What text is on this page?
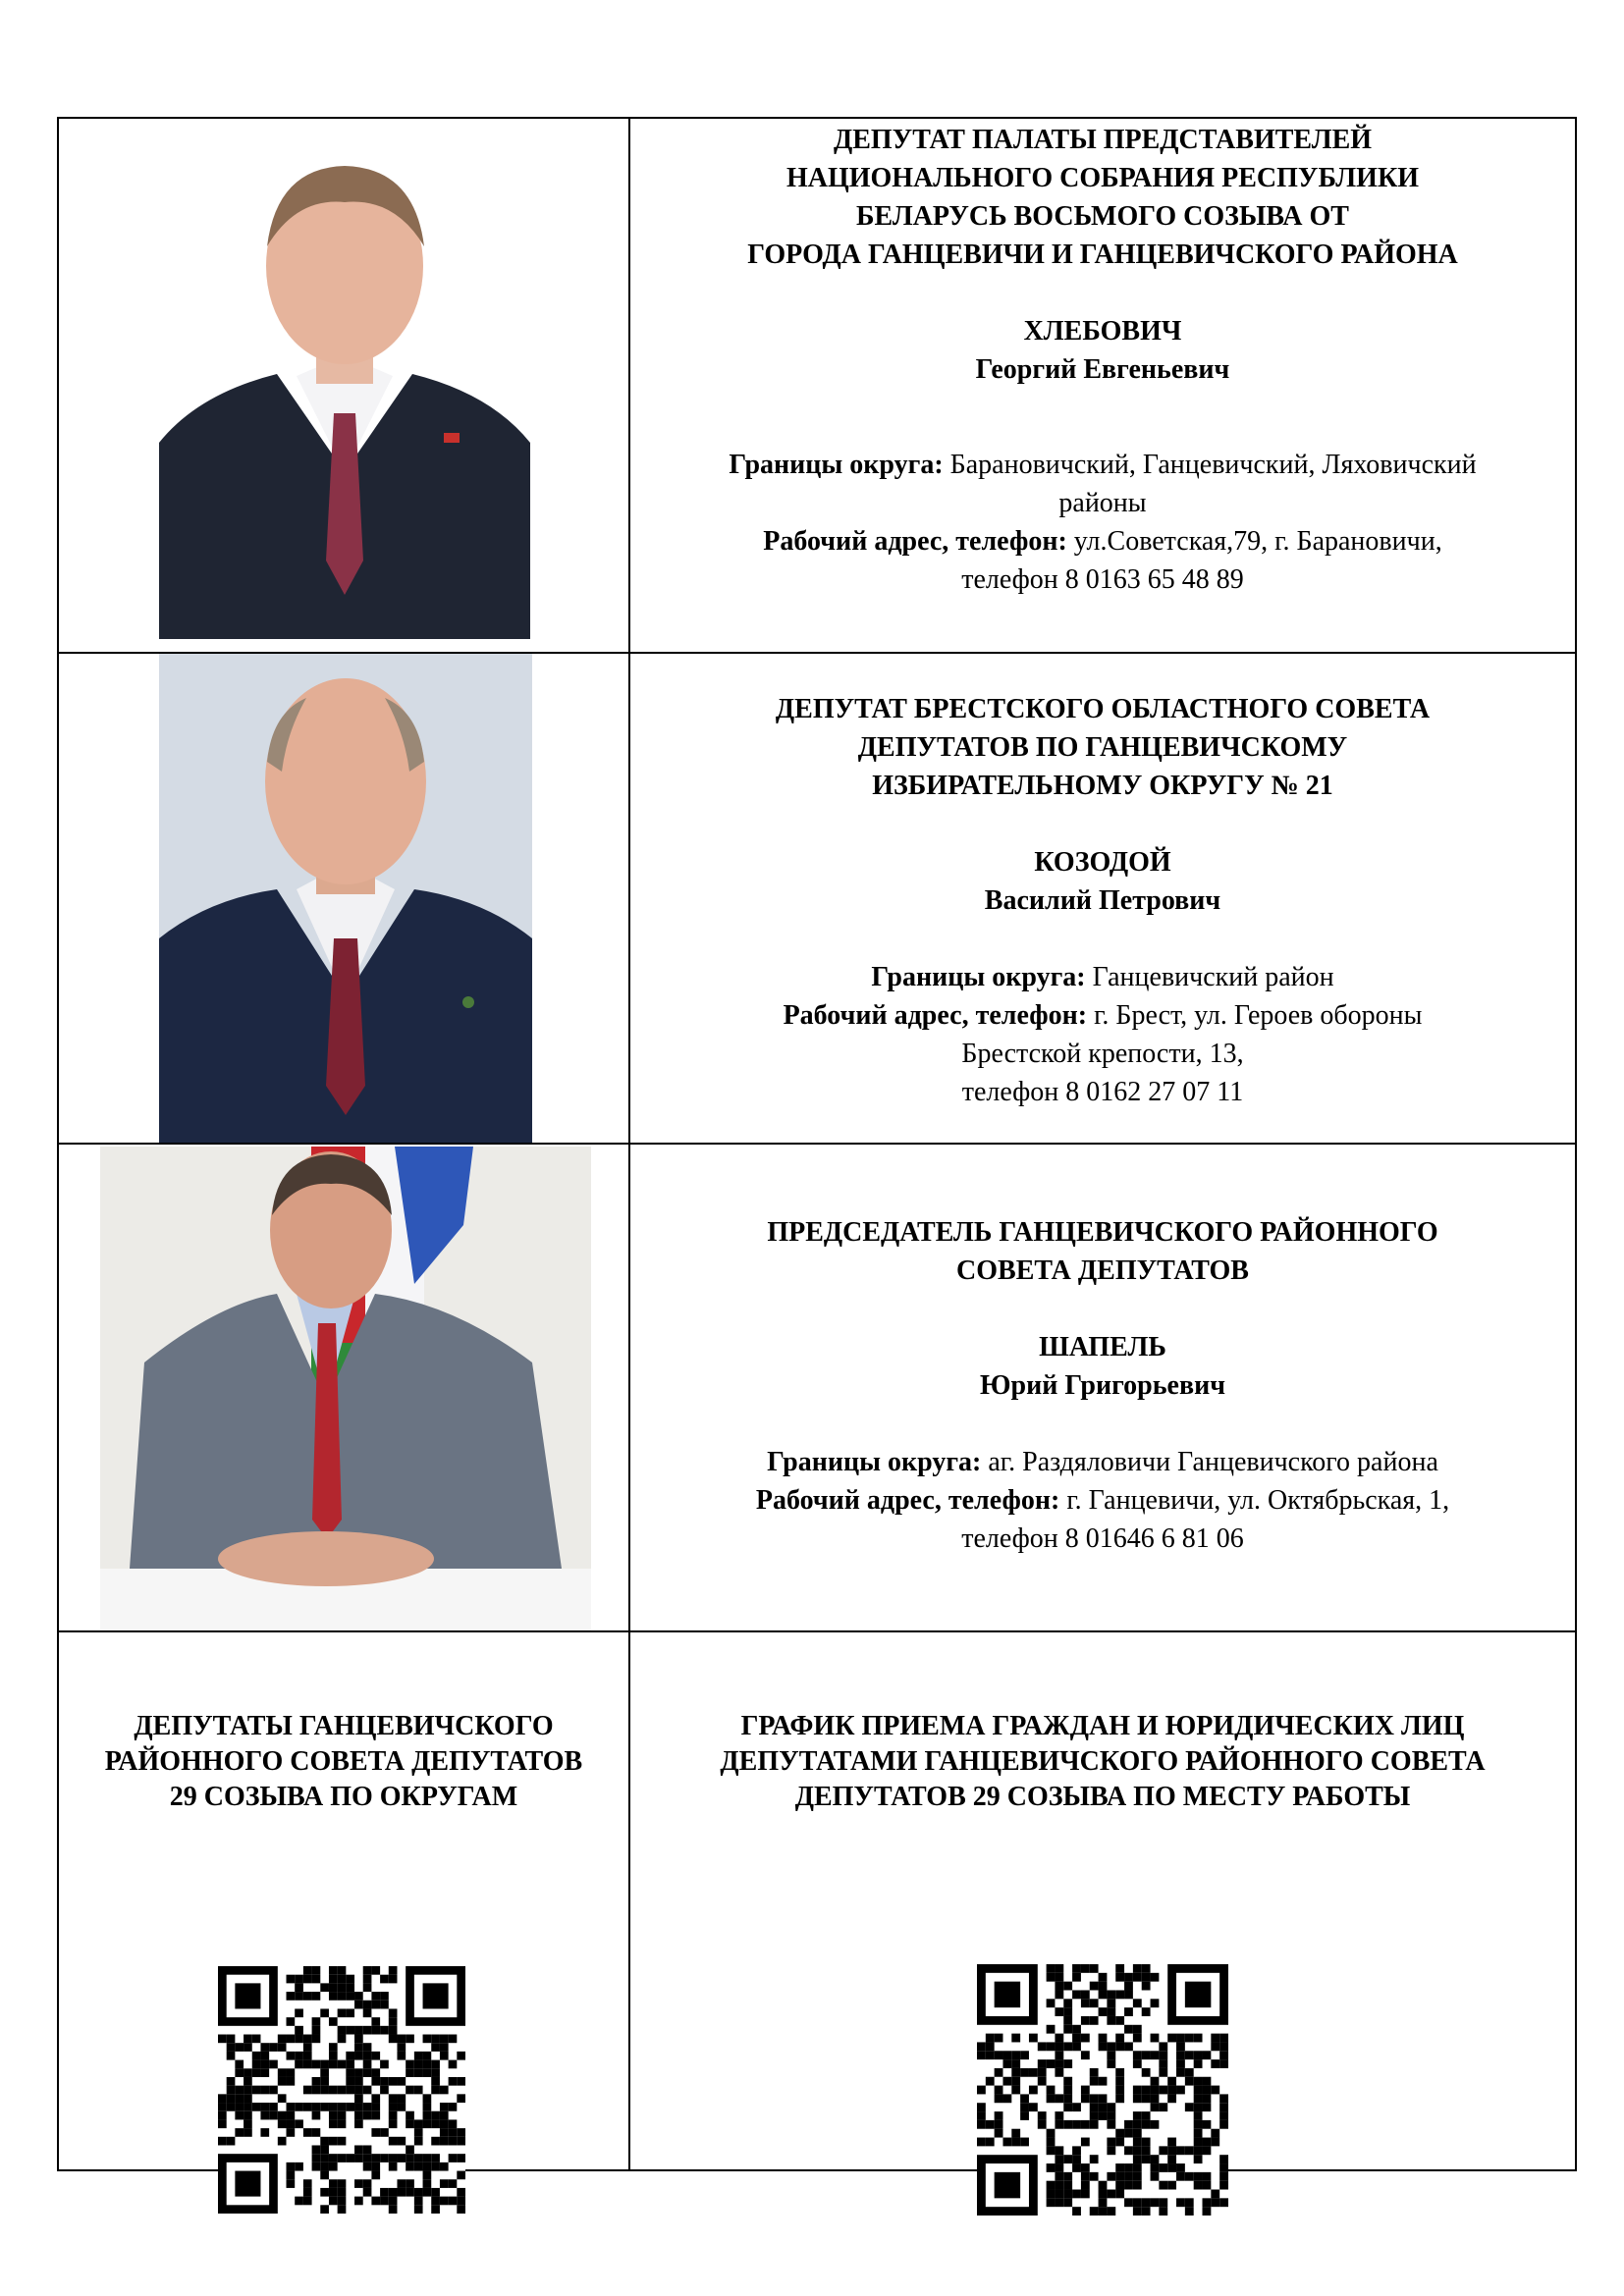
ДЕПУТАТ ПАЛАТЫ ПРЕДСТАВИТЕЛЕЙ
НАЦИОНАЛЬНОГО СОБРАНИЯ РЕСПУБЛИКИ
БЕЛАРУСЬ ВОСЬМОГО СОЗЫВА ОТ
ГОРОДА ГАНЦЕВИЧИ И ГАНЦЕВИЧСКОГО РАЙОНА
ХЛЕБОВИЧ
Георгий Евгеньевич
Границы округа: Барановичский, Ганцевичский, Ляховичский
районы
Рабочий адрес, телефон: ул.Советская,79, г. Барановичи,
телефон 8 0163 65 48 89
ДЕПУТАТ БРЕСТСКОГО ОБЛАСТНОГО СОВЕТА
ДЕПУТАТОВ ПО ГАНЦЕВИЧСКОМУ
ИЗБИРАТЕЛЬНОМУ ОКРУГУ № 21
КОЗОДОЙ
Василий Петрович
Границы округа: Ганцевичский район
Рабочий адрес, телефон: г. Брест, ул. Героев обороны
Брестской крепости, 13,
телефон 8 0162 27 07 11
ПРЕДСЕДАТЕЛЬ ГАНЦЕВИЧСКОГО РАЙОННОГО
СОВЕТА ДЕПУТАТОВ
ШАПЕЛЬ
Юрий Григорьевич
Границы округа: аг. Раздяловичи Ганцевичского района
Рабочий адрес, телефон: г. Ганцевичи, ул. Октябрьская, 1,
телефон 8 01646 6 81 06
ДЕПУТАТЫ ГАНЦЕВИЧСКОГО
РАЙОННОГО СОВЕТА ДЕПУТАТОВ
29 СОЗЫВА ПО ОКРУГАМ
ГРАФИК ПРИЕМА ГРАЖДАН И ЮРИДИЧЕСКИХ ЛИЦ
ДЕПУТАТАМИ ГАНЦЕВИЧСКОГО РАЙОННОГО СОВЕТА
ДЕПУТАТОВ 29 СОЗЫВА ПО МЕСТУ РАБОТЫ
